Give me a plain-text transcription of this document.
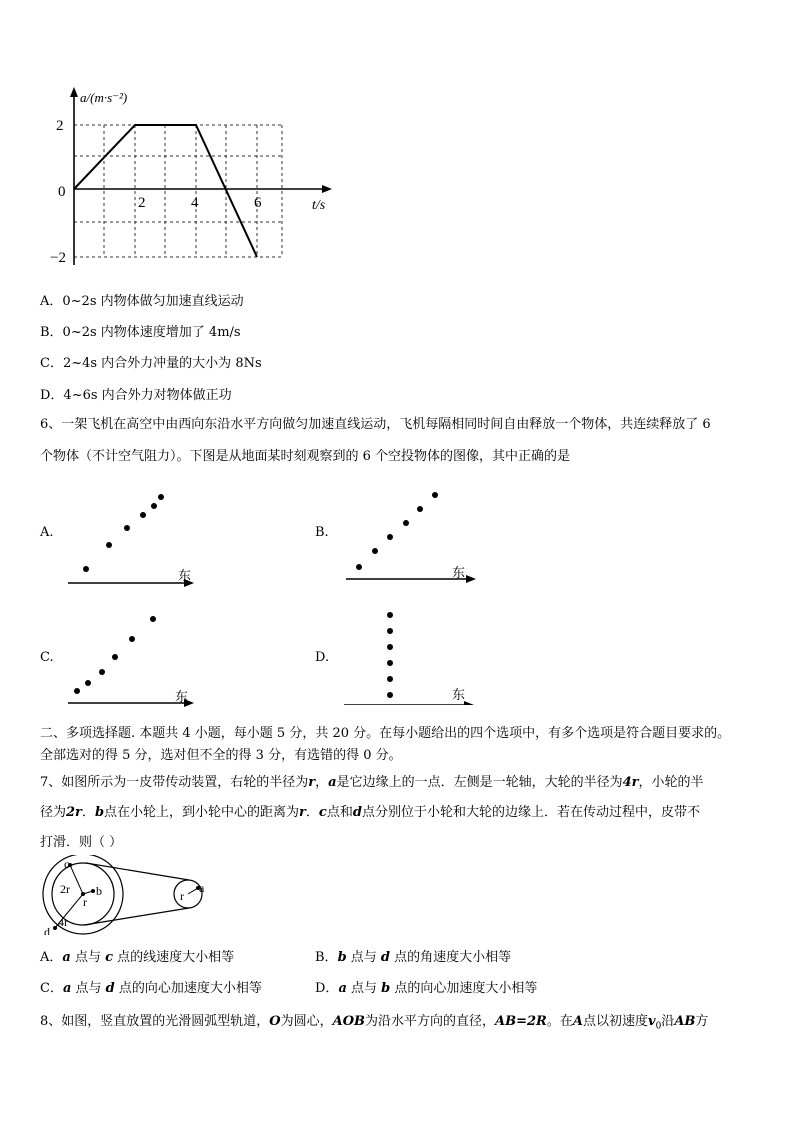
a/(m·s⁻²)
t/s
2
0
−2
2	4	6
A．0~2s 内物体做匀加速直线运动
B．0~2s 内物体速度增加了 4m/s
C．2~4s 内合外力冲量的大小为 8Ns
D．4~6s 内合外力对物体做正功
6、一架飞机在高空中由西向东沿水平方向做匀加速直线运动，飞机每隔相同时间自由释放一个物体，共连续释放了 6
个物体（不计空气阻力）。下图是从地面某时刻观察到的 6 个空投物体的图像，其中正确的是
A.
东
B.
东
C.
东
D.
东
二、多项选择题. 本题共 4 小题，每小题 5 分，共 20 分。在每小题给出的四个选项中，有多个选项是符合题目要求的。
全部选对的得 5 分，选对但不全的得 3 分，有选错的得 0 分。
7、如图所示为一皮带传动装置，右轮的半径为r，a是它边缘上的一点．左侧是一轮轴，大轮的半径为4r，小轮的半
径为2r．b点在小轮上，到小轮中心的距离为r．c点和d点分别位于小轮和大轮的边缘上．若在传动过程中，皮带不
打滑．则（ ）
c
2r b
r
4r
d
r
a
A．a 点与 c 点的线速度大小相等	B．b 点与 d 点的角速度大小相等
C．a 点与 d 点的向心加速度大小相等	D．a 点与 b 点的向心加速度大小相等
8、如图，竖直放置的光滑圆弧型轨道，O为圆心，AOB为沿水平方向的直径，AB=2R。在A点以初速度$v_0$沿AB方
